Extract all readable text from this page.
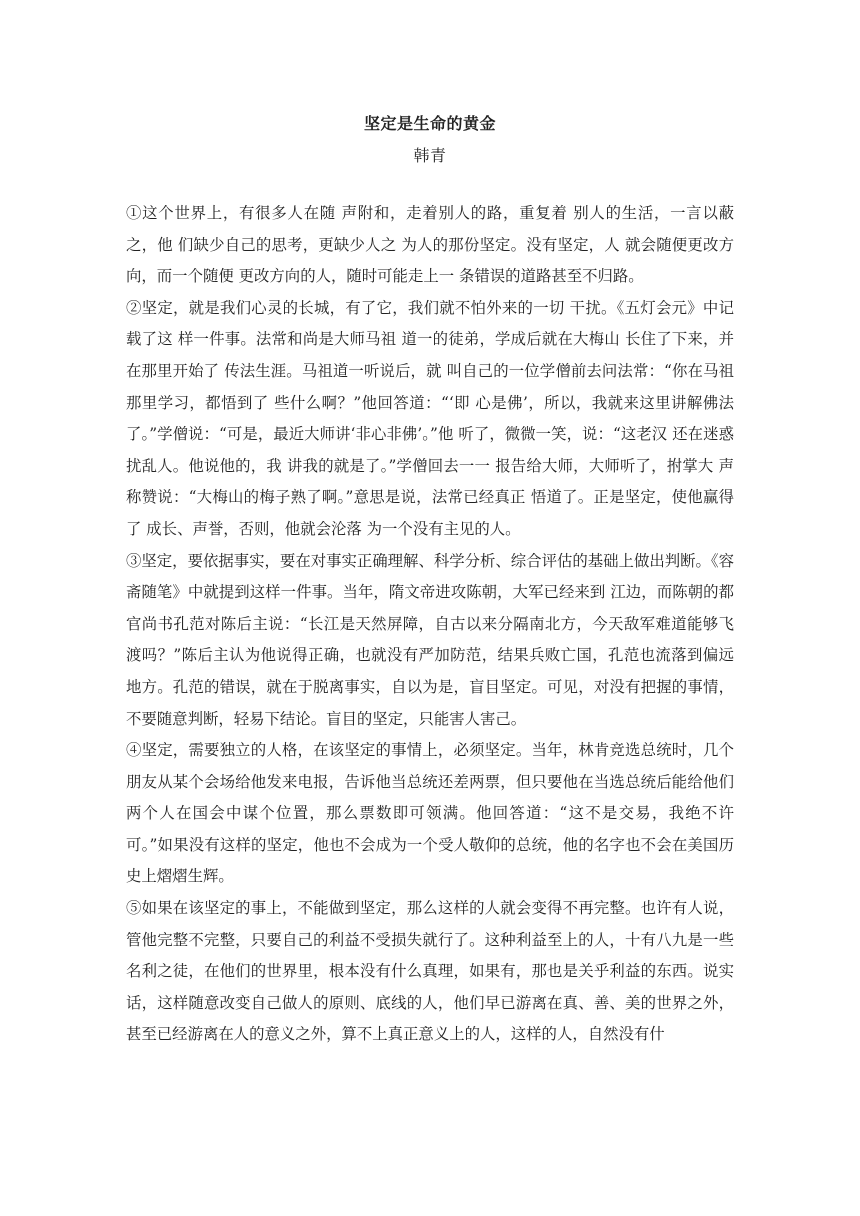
坚定是生命的黄金
韩青

①这个世界上，有很多人在随 声附和，走着别人的路，重复着 别人的生活，一言以蔽之，他 们缺少自己的思考，更缺少人之 为人的那份坚定。没有坚定，人 就会随便更改方向，而一个随便 更改方向的人，随时可能走上一 条错误的道路甚至不归路。

②坚定，就是我们心灵的长城，有了它，我们就不怕外来的一切 干扰。《五灯会元》中记载了这 样一件事。法常和尚是大师马祖 道一的徒弟，学成后就在大梅山 长住了下来，并在那里开始了 传法生涯。马祖道一听说后，就 叫自己的一位学僧前去问法常：“你在马祖那里学习，都悟到了 些什么啊？”他回答道：“‘即 心是佛’，所以，我就来这里讲解佛法了。”学僧说：“可是，最近大师讲‘非心非佛’。”他 听了，微微一笑，说：“这老汉 还在迷惑扰乱人。他说他的，我 讲我的就是了。”学僧回去一一 报告给大师，大师听了，拊掌大 声称赞说：“大梅山的梅子熟了啊。”意思是说，法常已经真正 悟道了。正是坚定，使他赢得了 成长、声誉，否则，他就会沦落 为一个没有主见的人。

③坚定，要依据事实，要在对事实正确理解、科学分析、综合评估的基础上做出判断。《容斋随笔》中就提到这样一件事。当年，隋文帝进攻陈朝，大军已经来到 江边，而陈朝的都官尚书孔范对陈后主说：“长江是天然屏障，自古以来分隔南北方，今天敌军难道能够飞渡吗？”陈后主认为他说得正确，也就没有严加防范，结果兵败亡国，孔范也流落到偏远地方。孔范的错误，就在于脱离事实，自以为是，盲目坚定。可见，对没有把握的事情，不要随意判断，轻易下结论。盲目的坚定，只能害人害己。

④坚定，需要独立的人格，在该坚定的事情上，必须坚定。当年，林肯竞选总统时，几个朋友从某个会场给他发来电报，告诉他当总统还差两票，但只要他在当选总统后能给他们两个人在国会中谋个位置，那么票数即可领满。他回答道：“这不是交易，我绝不许可。”如果没有这样的坚定，他也不会成为一个受人敬仰的总统，他的名字也不会在美国历史上熠熠生辉。

⑤如果在该坚定的事上，不能做到坚定，那么这样的人就会变得不再完整。也许有人说，管他完整不完整，只要自己的利益不受损失就行了。这种利益至上的人，十有八九是一些名利之徒，在他们的世界里，根本没有什么真理，如果有，那也是关乎利益的东西。说实话，这样随意改变自己做人的原则、底线的人，他们早已游离在真、善、美的世界之外，甚至已经游离在人的意义之外，算不上真正意义上的人，这样的人，自然没有什
